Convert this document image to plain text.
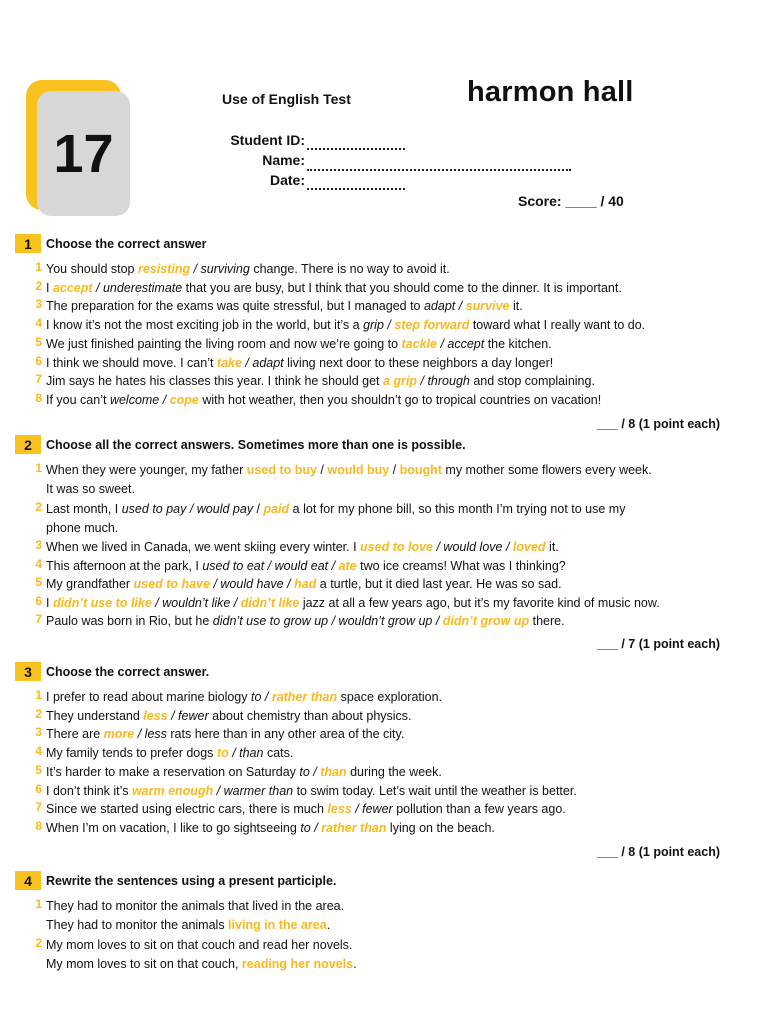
17
Use of English Test	harmon hall
Student ID:
Name:
Date:
Score: ____ / 40
1	Choose the correct answer
1 You should stop resisting / surviving change. There is no way to avoid it.
2 I accept / underestimate that you are busy, but I think that you should come to the dinner. It is important.
3 The preparation for the exams was quite stressful, but I managed to adapt / survive it.
4 I know it’s not the most exciting job in the world, but it’s a grip / step forward toward what I really want to do.
5 We just finished painting the living room and now we’re going to tackle / accept the kitchen.
6 I think we should move. I can’t take / adapt living next door to these neighbors a day longer!
7 Jim says he hates his classes this year. I think he should get a grip / through and stop complaining.
8 If you can’t welcome / cope with hot weather, then you shouldn’t go to tropical countries on vacation!
___ / 8 (1 point each)
2	Choose all the correct answers. Sometimes more than one is possible.
1 When they were younger, my father used to buy / would buy / bought my mother some flowers every week.
It was so sweet.
2 Last month, I used to pay / would pay / paid a lot for my phone bill, so this month I’m trying not to use my
phone much.
3 When we lived in Canada, we went skiing every winter. I used to love / would love / loved it.
4 This afternoon at the park, I used to eat / would eat / ate two ice creams! What was I thinking?
5 My grandfather used to have / would have / had a turtle, but it died last year. He was so sad.
6 I didn’t use to like / wouldn’t like / didn’t like jazz at all a few years ago, but it’s my favorite kind of music now.
7 Paulo was born in Rio, but he didn’t use to grow up / wouldn’t grow up / didn’t grow up there.
___ / 7 (1 point each)
3	Choose the correct answer.
1 I prefer to read about marine biology to / rather than space exploration.
2 They understand less / fewer about chemistry than about physics.
3 There are more / less rats here than in any other area of the city.
4 My family tends to prefer dogs to / than cats.
5 It’s harder to make a reservation on Saturday to / than during the week.
6 I don’t think it’s warm enough / warmer than to swim today. Let’s wait until the weather is better.
7 Since we started using electric cars, there is much less / fewer pollution than a few years ago.
8 When I’m on vacation, I like to go sightseeing to / rather than lying on the beach.
___ / 8 (1 point each)
4	Rewrite the sentences using a present participle.
1 They had to monitor the animals that lived in the area.
They had to monitor the animals living in the area.
2 My mom loves to sit on that couch and read her novels.
My mom loves to sit on that couch, reading her novels.
